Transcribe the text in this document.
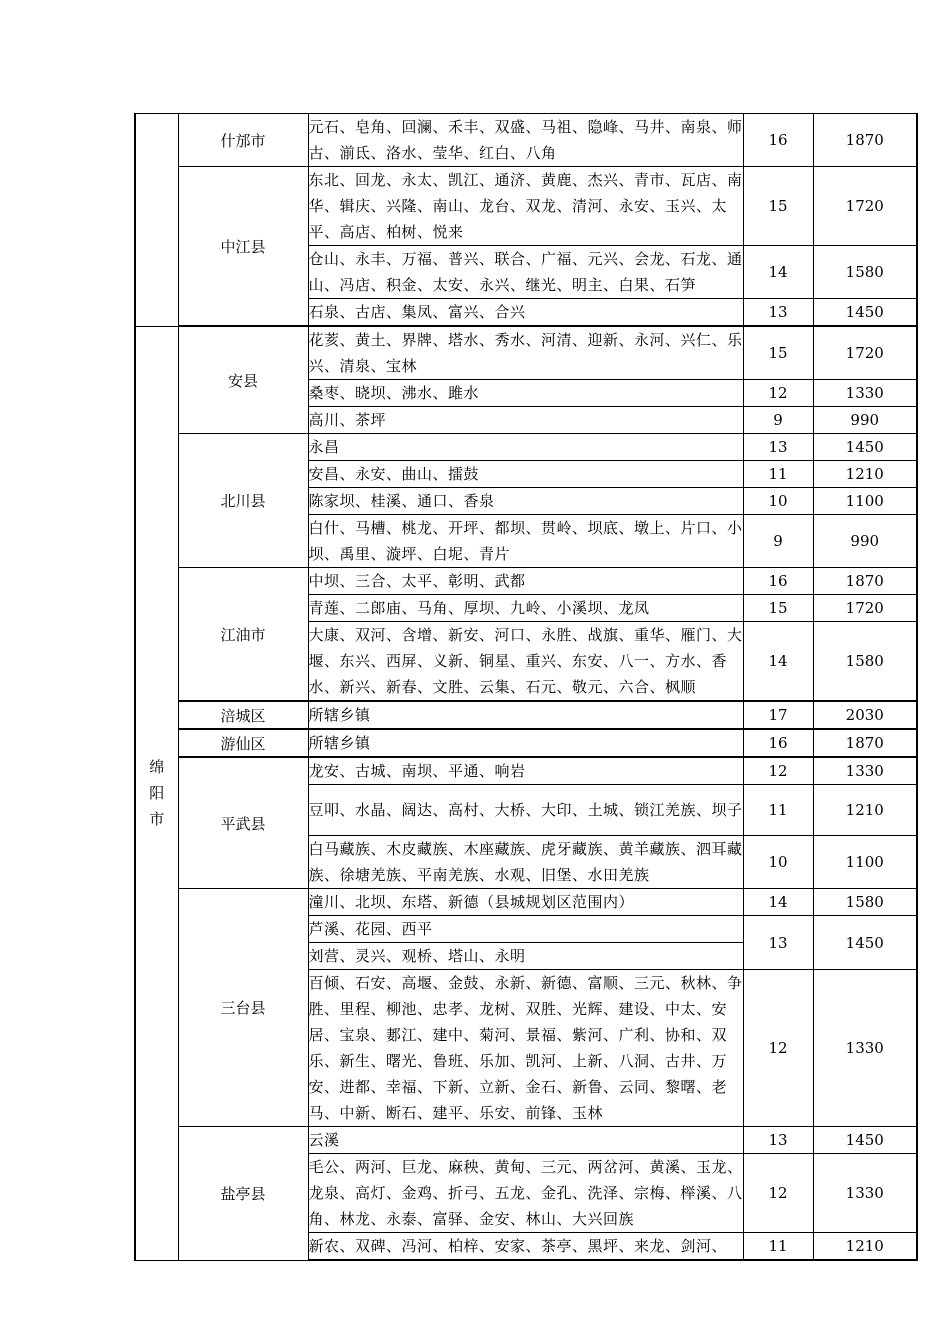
	什邡市	元石、皂角、回澜、禾丰、双盛、马祖、隐峰、马井、南泉、师古、湔氐、洛水、莹华、红白、八角	16	1870
	中江县	东北、回龙、永太、凯江、通济、黄鹿、杰兴、青市、瓦店、南华、辑庆、兴隆、南山、龙台、双龙、清河、永安、玉兴、太平、高店、柏树、悦来	15	1720
		仓山、永丰、万福、普兴、联合、广福、元兴、会龙、石龙、通山、冯店、积金、太安、永兴、继光、明主、白果、石笋	14	1580
		石泉、古店、集凤、富兴、合兴	13	1450

绵
阳
市	安县	花荄、黄土、界牌、塔水、秀水、河清、迎新、永河、兴仁、乐兴、清泉、宝林	15	1720
		桑枣、晓坝、沸水、雎水	12	1330
		高川、茶坪	9	990
	北川县	永昌	13	1450
		安昌、永安、曲山、擂鼓	11	1210
		陈家坝、桂溪、通口、香泉	10	1100
		白什、马槽、桃龙、开坪、都坝、贯岭、坝底、墩上、片口、小坝、禹里、漩坪、白坭、青片	9	990
	江油市	中坝、三合、太平、彰明、武都	16	1870
		青莲、二郎庙、马角、厚坝、九岭、小溪坝、龙凤	15	1720
		大康、双河、含增、新安、河口、永胜、战旗、重华、雁门、大堰、东兴、西屏、义新、铜星、重兴、东安、八一、方水、香水、新兴、新春、文胜、云集、石元、敬元、六合、枫顺	14	1580
	涪城区	所辖乡镇	17	2030
	游仙区	所辖乡镇	16	1870
	平武县	龙安、古城、南坝、平通、响岩	12	1330
		豆叩、水晶、阔达、高村、大桥、大印、土城、锁江羌族、坝子	11	1210
		白马藏族、木皮藏族、木座藏族、虎牙藏族、黄羊藏族、泗耳藏族、徐塘羌族、平南羌族、水观、旧堡、水田羌族	10	1100
	三台县	潼川、北坝、东塔、新德（县城规划区范围内）	14	1580
		芦溪、花园、西平	13	1450
		刘营、灵兴、观桥、塔山、永明		
		百倾、石安、高堰、金鼓、永新、新德、富顺、三元、秋林、争胜、里程、柳池、忠孝、龙树、双胜、光辉、建设、中太、安居、宝泉、郪江、建中、菊河、景福、紫河、广利、协和、双乐、新生、曙光、鲁班、乐加、凯河、上新、八洞、古井、万安、进都、幸福、下新、立新、金石、新鲁、云同、黎曙、老马、中新、断石、建平、乐安、前锋、玉林	12	1330
	盐亭县	云溪	13	1450
		毛公、两河、巨龙、麻秧、黄甸、三元、两岔河、黄溪、玉龙、龙泉、高灯、金鸡、折弓、五龙、金孔、洗泽、宗梅、榉溪、八角、林龙、永泰、富驿、金安、林山、大兴回族	12	1330
		新农、双碑、冯河、柏梓、安家、茶亭、黑坪、来龙、剑河、	11	1210
